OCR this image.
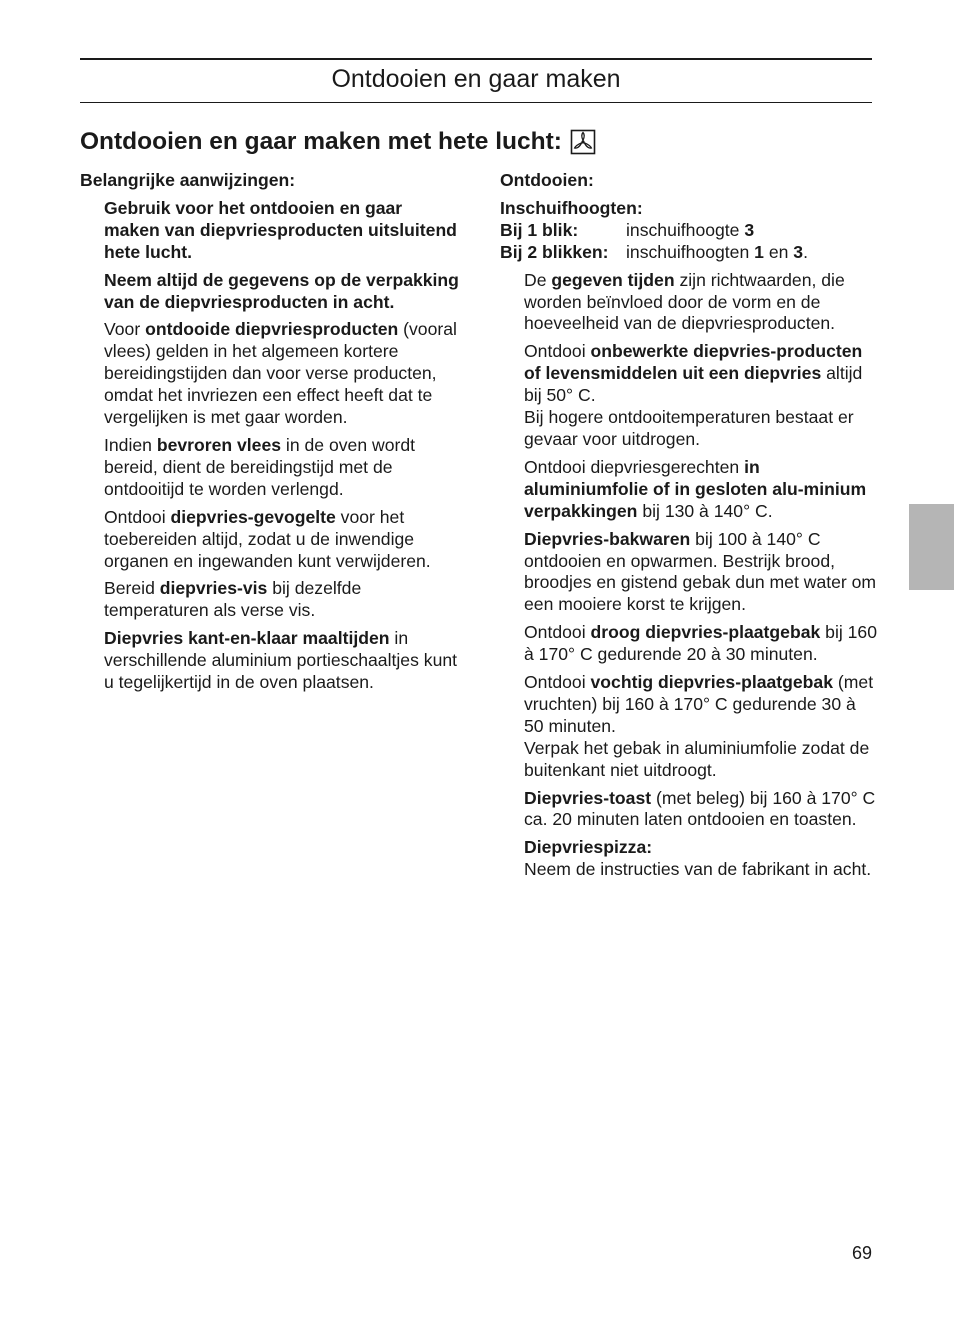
Ontdooien en gaar maken
Ontdooien en gaar maken met hete lucht:

Belangrijke aanwijzingen:

Gebruik voor het ontdooien en gaar maken van diepvriesproducten uitsluitend hete lucht.

Neem altijd de gegevens op de verpakking van de diepvriesproducten in acht.

Voor ontdooide diepvriesproducten (vooral vlees) gelden in het algemeen kortere bereidingstijden dan voor verse producten, omdat het invriezen een effect heeft dat te vergelijken is met gaar worden.

Indien bevroren vlees in de oven wordt bereid, dient de bereidingstijd met de ontdooitijd te worden verlengd.

Ontdooi diepvries-gevogelte voor het toebereiden altijd, zodat u de inwendige organen en ingewanden kunt verwijderen.

Bereid diepvries-vis bij dezelfde temperaturen als verse vis.

Diepvries kant-en-klaar maaltijden in verschillende aluminium portieschaaltjes kunt u tegelijkertijd in de oven plaatsen.

Ontdooien:

Inschuifhoogten:

Bij 1 blik:	inschuifhoogte 3
Bij 2 blikken: inschuifhoogten 1 en 3.

De gegeven tijden zijn richtwaarden, die worden beïnvloed door de vorm en de hoeveelheid van de diepvriesproducten.

Ontdooi onbewerkte diepvries-producten of levensmiddelen uit een diepvries altijd bij 50° C.
Bij hogere ontdooitemperaturen bestaat er gevaar voor uitdrogen.

Ontdooi diepvriesgerechten in aluminiumfolie of in gesloten alu-minium verpakkingen bij 130 à 140° C.

Diepvries-bakwaren bij 100 à 140° C ontdooien en opwarmen. Bestrijk brood, broodjes en gistend gebak dun met water om een mooiere korst te krijgen.

Ontdooi droog diepvries-plaatgebak bij 160 à 170° C gedurende 20 à 30 minuten.

Ontdooi vochtig diepvries-plaatgebak (met vruchten) bij 160 à 170° C gedurende 30 à 50 minuten.
Verpak het gebak in aluminiumfolie zodat de buitenkant niet uitdroogt.

Diepvries-toast (met beleg) bij 160 à 170° C ca. 20 minuten laten ontdooien en toasten.

Diepvriespizza:
Neem de instructies van de fabrikant in acht.

69
